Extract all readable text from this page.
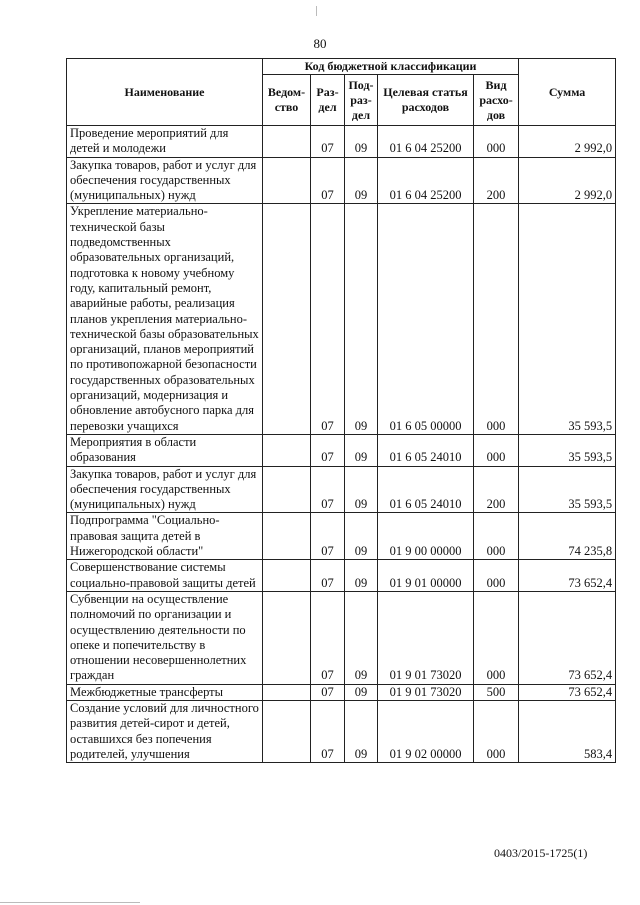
80
Наименование	Код бюджетной классификации					Сумма
	Ведом-ство	Раз-дел	Под-раз-дел	Целевая статья расходов	Вид расхо-дов	
Проведение мероприятий для детей и молодежи		07	09	01 6 04 25200	000	2 992,0
Закупка товаров, работ и услуг для обеспечения государственных (муниципальных) нужд		07	09	01 6 04 25200	200	2 992,0
Укрепление материально-технической базы подведомственных образовательных организаций, подготовка к новому учебному году, капитальный ремонт, аварийные работы, реализация планов укрепления материально-технической базы образовательных организаций, планов мероприятий по противопожарной безопасности государственных образовательных организаций, модернизация и обновление автобусного парка для перевозки учащихся		07	09	01 6 05 00000	000	35 593,5
Мероприятия в области образования		07	09	01 6 05 24010	000	35 593,5
Закупка товаров, работ и услуг для обеспечения государственных (муниципальных) нужд		07	09	01 6 05 24010	200	35 593,5
Подпрограмма "Социально-правовая защита детей в Нижегородской области"		07	09	01 9 00 00000	000	74 235,8
Совершенствование системы социально-правовой защиты детей		07	09	01 9 01 00000	000	73 652,4
Субвенции на осуществление полномочий по организации и осуществлению деятельности по опеке и попечительству в отношении несовершеннолетних граждан		07	09	01 9 01 73020	000	73 652,4
Межбюджетные трансферты		07	09	01 9 01 73020	500	73 652,4
Создание условий для личностного развития детей-сирот и детей, оставшихся без попечения родителей, улучшения		07	09	01 9 02 00000	000	583,4
0403/2015-1725(1)
